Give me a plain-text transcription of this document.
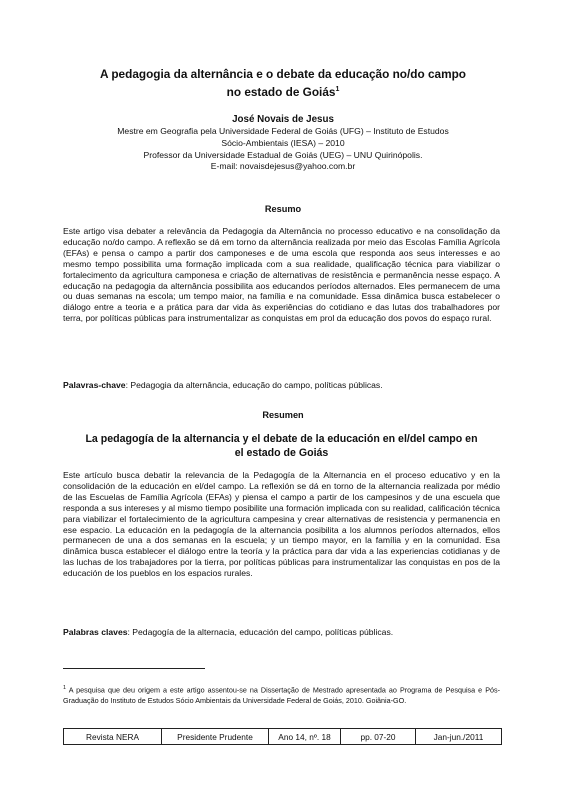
A pedagogia da alternância e o debate da educação no/do campo
no estado de Goiás$^1$
José Novais de Jesus
Mestre em Geografia pela Universidade Federal de Goiás (UFG) – Instituto de Estudos
Sócio-Ambientais (IESA) – 2010
Professor da Universidade Estadual de Goiás (UEG) – UNU Quirinópolis.
E-mail: novaisdejesus@yahoo.com.br
Resumo
Este artigo visa debater a relevância da Pedagogia da Alternância no processo educativo e na consolidação da educação no/do campo. A reflexão se dá em torno da alternância realizada por meio das Escolas Família Agrícola (EFAs) e pensa o campo a partir dos camponeses e de uma escola que responda aos seus interesses e ao mesmo tempo possibilita uma formação implicada com a sua realidade, qualificação técnica para viabilizar o fortalecimento da agricultura camponesa e criação de alternativas de resistência e permanência nesse espaço. A educação na pedagogia da alternância possibilita aos educandos períodos alternados. Eles permanecem de uma ou duas semanas na escola; um tempo maior, na família e na comunidade. Essa dinâmica busca estabelecer o diálogo entre a teoria e a prática para dar vida às experiências do cotidiano e das lutas dos trabalhadores por terra, por políticas públicas para instrumentalizar as conquistas em prol da educação dos povos do espaço rural.
Palavras-chave: Pedagogia da alternância, educação do campo, políticas públicas.
Resumen
La pedagogía de la alternancia y el debate de la educación en el/del campo en
el estado de Goiás
Este artículo busca debatir la relevancia de la Pedagogía de la Alternancia en el proceso educativo y en la consolidación de la educación en el/del campo. La reflexión se dá en torno de la alternancia realizada por médio de las Escuelas de Família Agrícola (EFAs) y piensa el campo a partir de los campesinos y de una escuela que responda a sus intereses y al mismo tiempo posibilite una formación implicada con su realidad, calificación técnica para viabilizar el fortalecimiento de la agricultura campesina y crear alternativas de resistencia y permanencia en ese espacio. La educación en la pedagogía de la alternancia posibilita a los alumnos períodos alternados, ellos permanecen de una a dos semanas en la escuela; y un tiempo mayor, en la família y en la comunidad. Esa dinâmica busca establecer el diálogo entre la teoría y la práctica para dar vida a las experiencias cotidianas y de las luchas de los trabajadores por la tierra, por políticas públicas para instrumentalizar las conquistas en pos de la educación de los pueblos en los espacios rurales.
Palabras claves: Pedagogía de la alternacia, educación del campo, políticas públicas.
$^1$ A pesquisa que deu origem a este artigo assentou-se na Dissertação de Mestrado apresentada ao Programa de Pesquisa e Pós-Graduação do Instituto de Estudos Sócio Ambientais da Universidade Federal de Goiás, 2010. Goiânia-GO.
Revista NERA	Presidente Prudente	Ano 14, nº. 18	pp. 07-20	Jan-jun./2011
